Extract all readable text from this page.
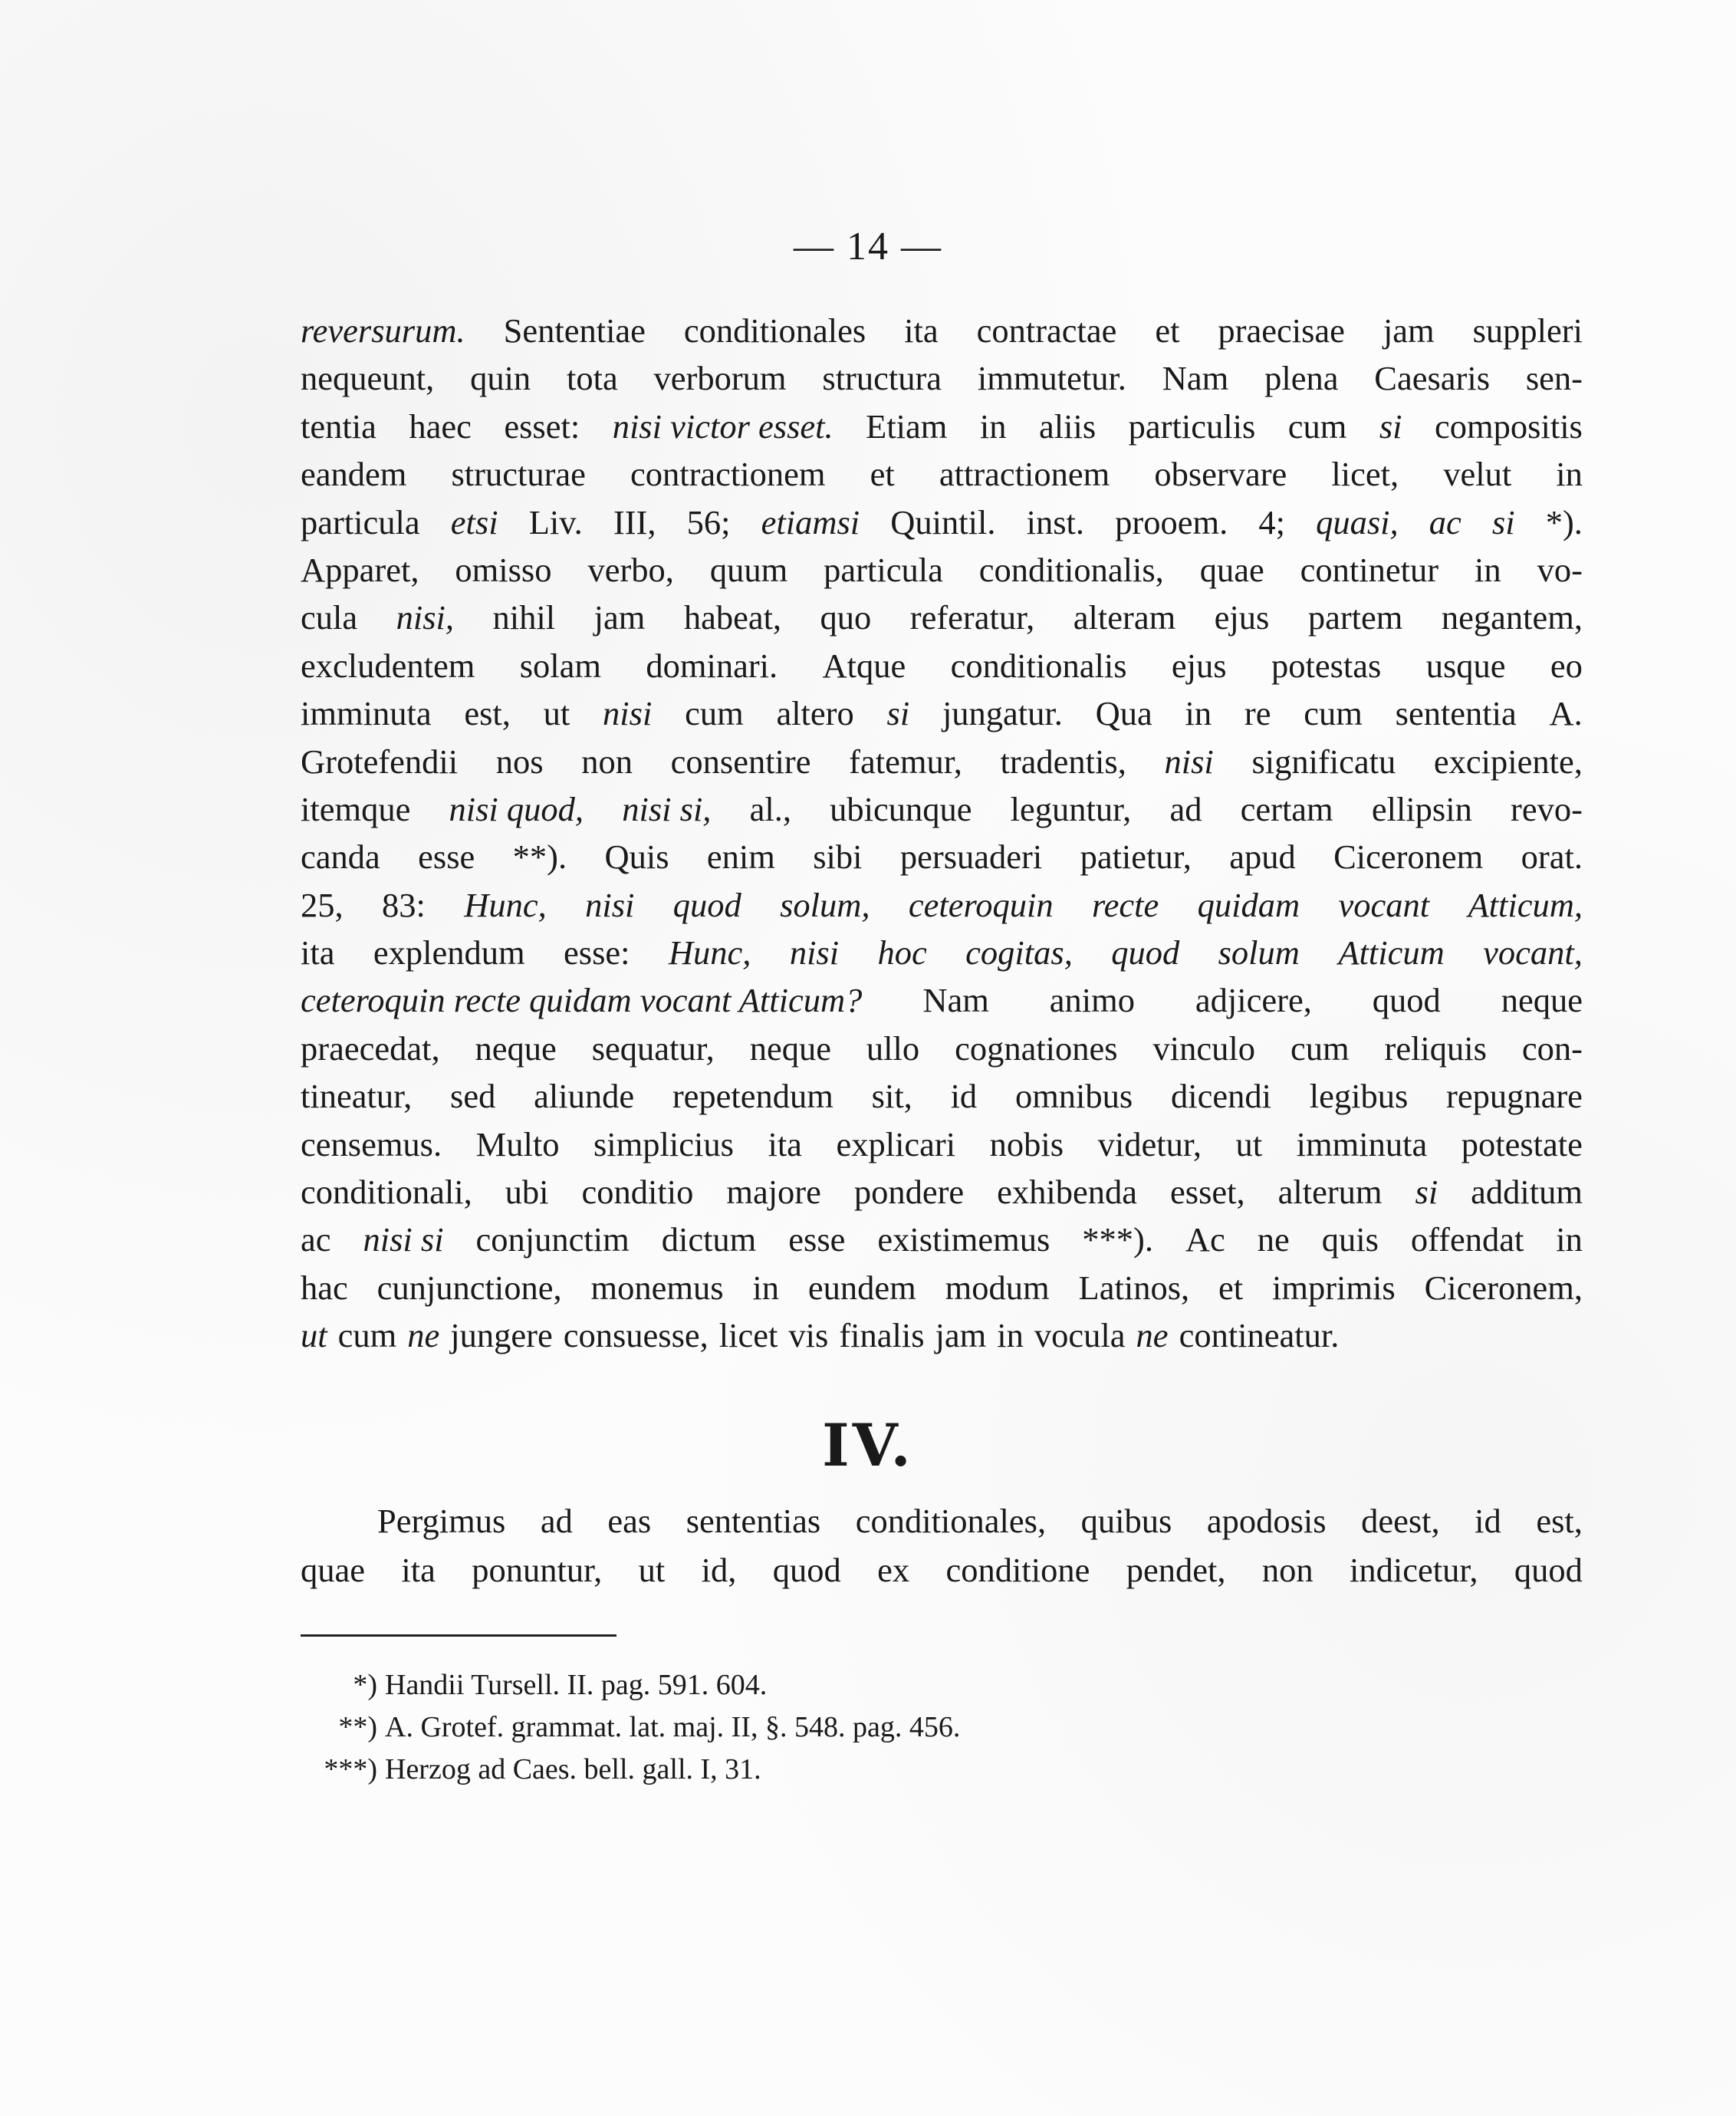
— 14 —
reversurum. Sententiae conditionales ita contractae et praecisae jam suppleri
nequeunt, quin tota verborum structura immutetur. Nam plena Caesaris sen-
tentia haec esset: nisi victor esset. Etiam in aliis particulis cum si compositis
eandem structurae contractionem et attractionem observare licet, velut in
particula etsi Liv. III, 56; etiamsi Quintil. inst. prooem. 4; quasi, ac si *).
Apparet, omisso verbo, quum particula conditionalis, quae continetur in vo-
cula nisi, nihil jam habeat, quo referatur, alteram ejus partem negantem,
excludentem solam dominari. Atque conditionalis ejus potestas usque eo
imminuta est, ut nisi cum altero si jungatur. Qua in re cum sententia A.
Grotefendii nos non consentire fatemur, tradentis, nisi significatu excipiente,
itemque nisi quod, nisi si, al., ubicunque leguntur, ad certam ellipsin revo-
canda esse **). Quis enim sibi persuaderi patietur, apud Ciceronem orat.
25, 83: Hunc, nisi quod solum, ceteroquin recte quidam vocant Atticum,
ita explendum esse: Hunc, nisi hoc cogitas, quod solum Atticum vocant,
ceteroquin recte quidam vocant Atticum? Nam animo adjicere, quod neque
praecedat, neque sequatur, neque ullo cognationes vinculo cum reliquis con-
tineatur, sed aliunde repetendum sit, id omnibus dicendi legibus repugnare
censemus. Multo simplicius ita explicari nobis videtur, ut imminuta potestate
conditionali, ubi conditio majore pondere exhibenda esset, alterum si additum
ac nisi si conjunctim dictum esse existimemus ***). Ac ne quis offendat in
hac cunjunctione, monemus in eundem modum Latinos, et imprimis Ciceronem,
ut cum ne jungere consuesse, licet vis finalis jam in vocula ne contineatur.
IV.
Pergimus ad eas sententias conditionales, quibus apodosis deest, id est,
quae ita ponuntur, ut id, quod ex conditione pendet, non indicetur, quod
*) Handii Tursell. II. pag. 591. 604.
**) A. Grotef. grammat. lat. maj. II, §. 548. pag. 456.
***) Herzog ad Caes. bell. gall. I, 31.
